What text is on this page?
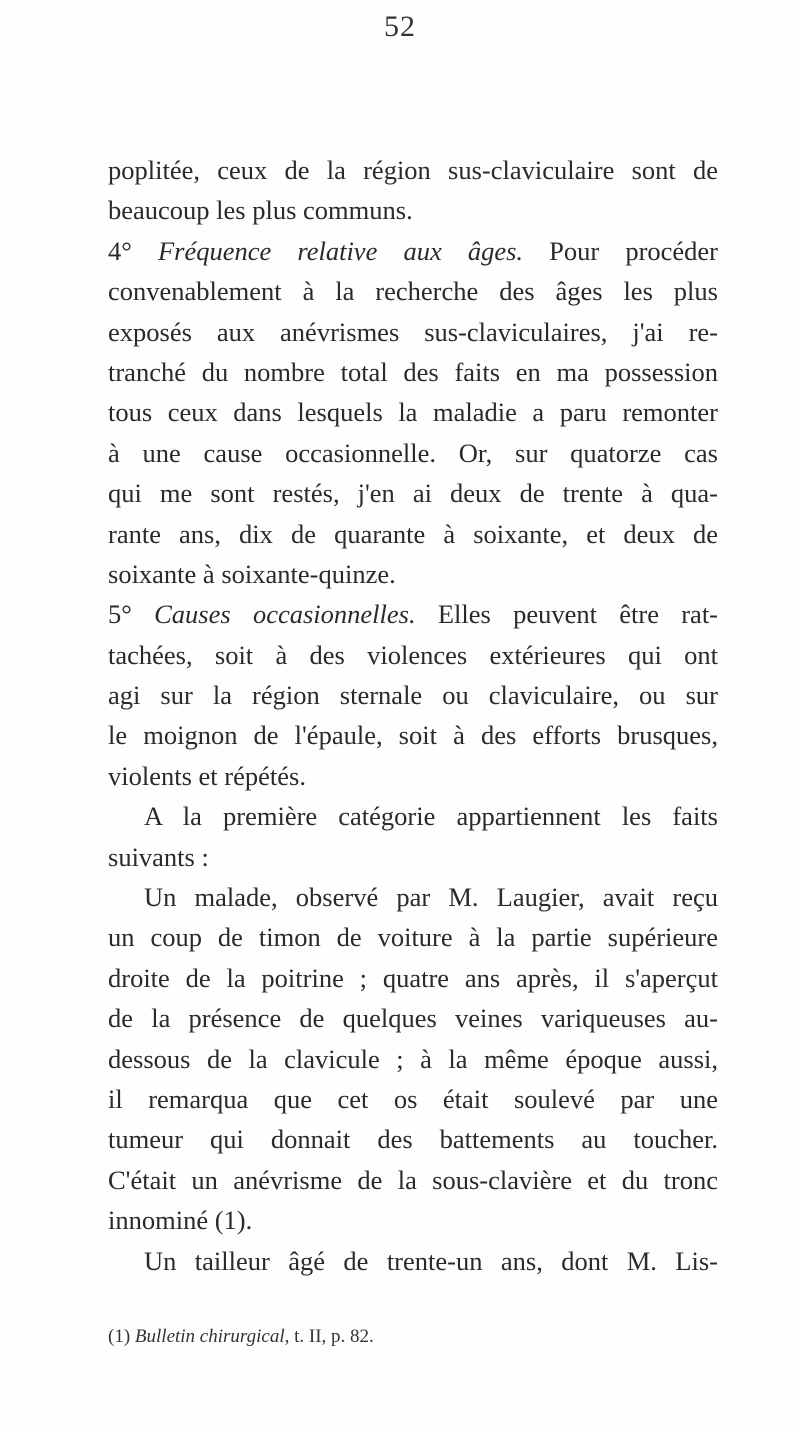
52
poplitée, ceux de la région sus-claviculaire sont de
beaucoup les plus communs.
4° Fréquence relative aux âges. Pour procéder
convenablement à la recherche des âges les plus
exposés aux anévrismes sus-claviculaires, j'ai re-
tranché du nombre total des faits en ma possession
tous ceux dans lesquels la maladie a paru remonter
à une cause occasionnelle. Or, sur quatorze cas
qui me sont restés, j'en ai deux de trente à qua-
rante ans, dix de quarante à soixante, et deux de
soixante à soixante-quinze.
5° Causes occasionnelles. Elles peuvent être rat-
tachées, soit à des violences extérieures qui ont
agi sur la région sternale ou claviculaire, ou sur
le moignon de l'épaule, soit à des efforts brusques,
violents et répétés.
A la première catégorie appartiennent les faits
suivants :
Un malade, observé par M. Laugier, avait reçu
un coup de timon de voiture à la partie supérieure
droite de la poitrine ; quatre ans après, il s'aperçut
de la présence de quelques veines variqueuses au-
dessous de la clavicule ; à la même époque aussi,
il remarqua que cet os était soulevé par une
tumeur qui donnait des battements au toucher.
C'était un anévrisme de la sous-clavière et du tronc
innominé (1).
Un tailleur âgé de trente-un ans, dont M. Lis-
(1) Bulletin chirurgical, t. II, p. 82.
